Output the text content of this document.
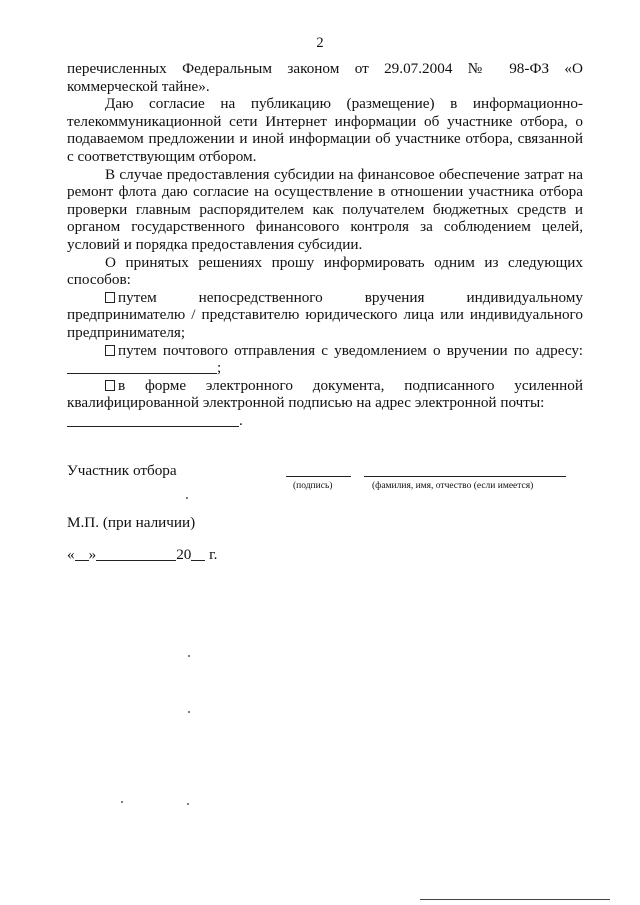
2

перечисленных Федеральным законом от 29.07.2004 № 98-ФЗ «О коммерческой тайне».

Даю согласие на публикацию (размещение) в информационно-телекоммуникационной сети Интернет информации об участнике отбора, о подаваемом предложении и иной информации об участнике отбора, связанной с соответствующим отбором.

В случае предоставления субсидии на финансовое обеспечение затрат на ремонт флота даю согласие на осуществление в отношении участника отбора проверки главным распорядителем как получателем бюджетных средств и органом государственного финансового контроля за соблюдением целей, условий и порядка предоставления субсидии.

О принятых решениях прошу информировать одним из следующих способов:

путем непосредственного вручения индивидуальному предпринимателю / представителю юридического лица или индивидуального предпринимателя;

путем почтового отправления с уведомлением о вручении по адресу:;

в форме электронного документа, подписанного усиленной квалифицированной электронной подписью на адрес электронной почты:

.

Участник отбора
(подпись)	(фамилия, имя, отчество (если имеется)
М.П. (при наличии)
« »	20 г.
